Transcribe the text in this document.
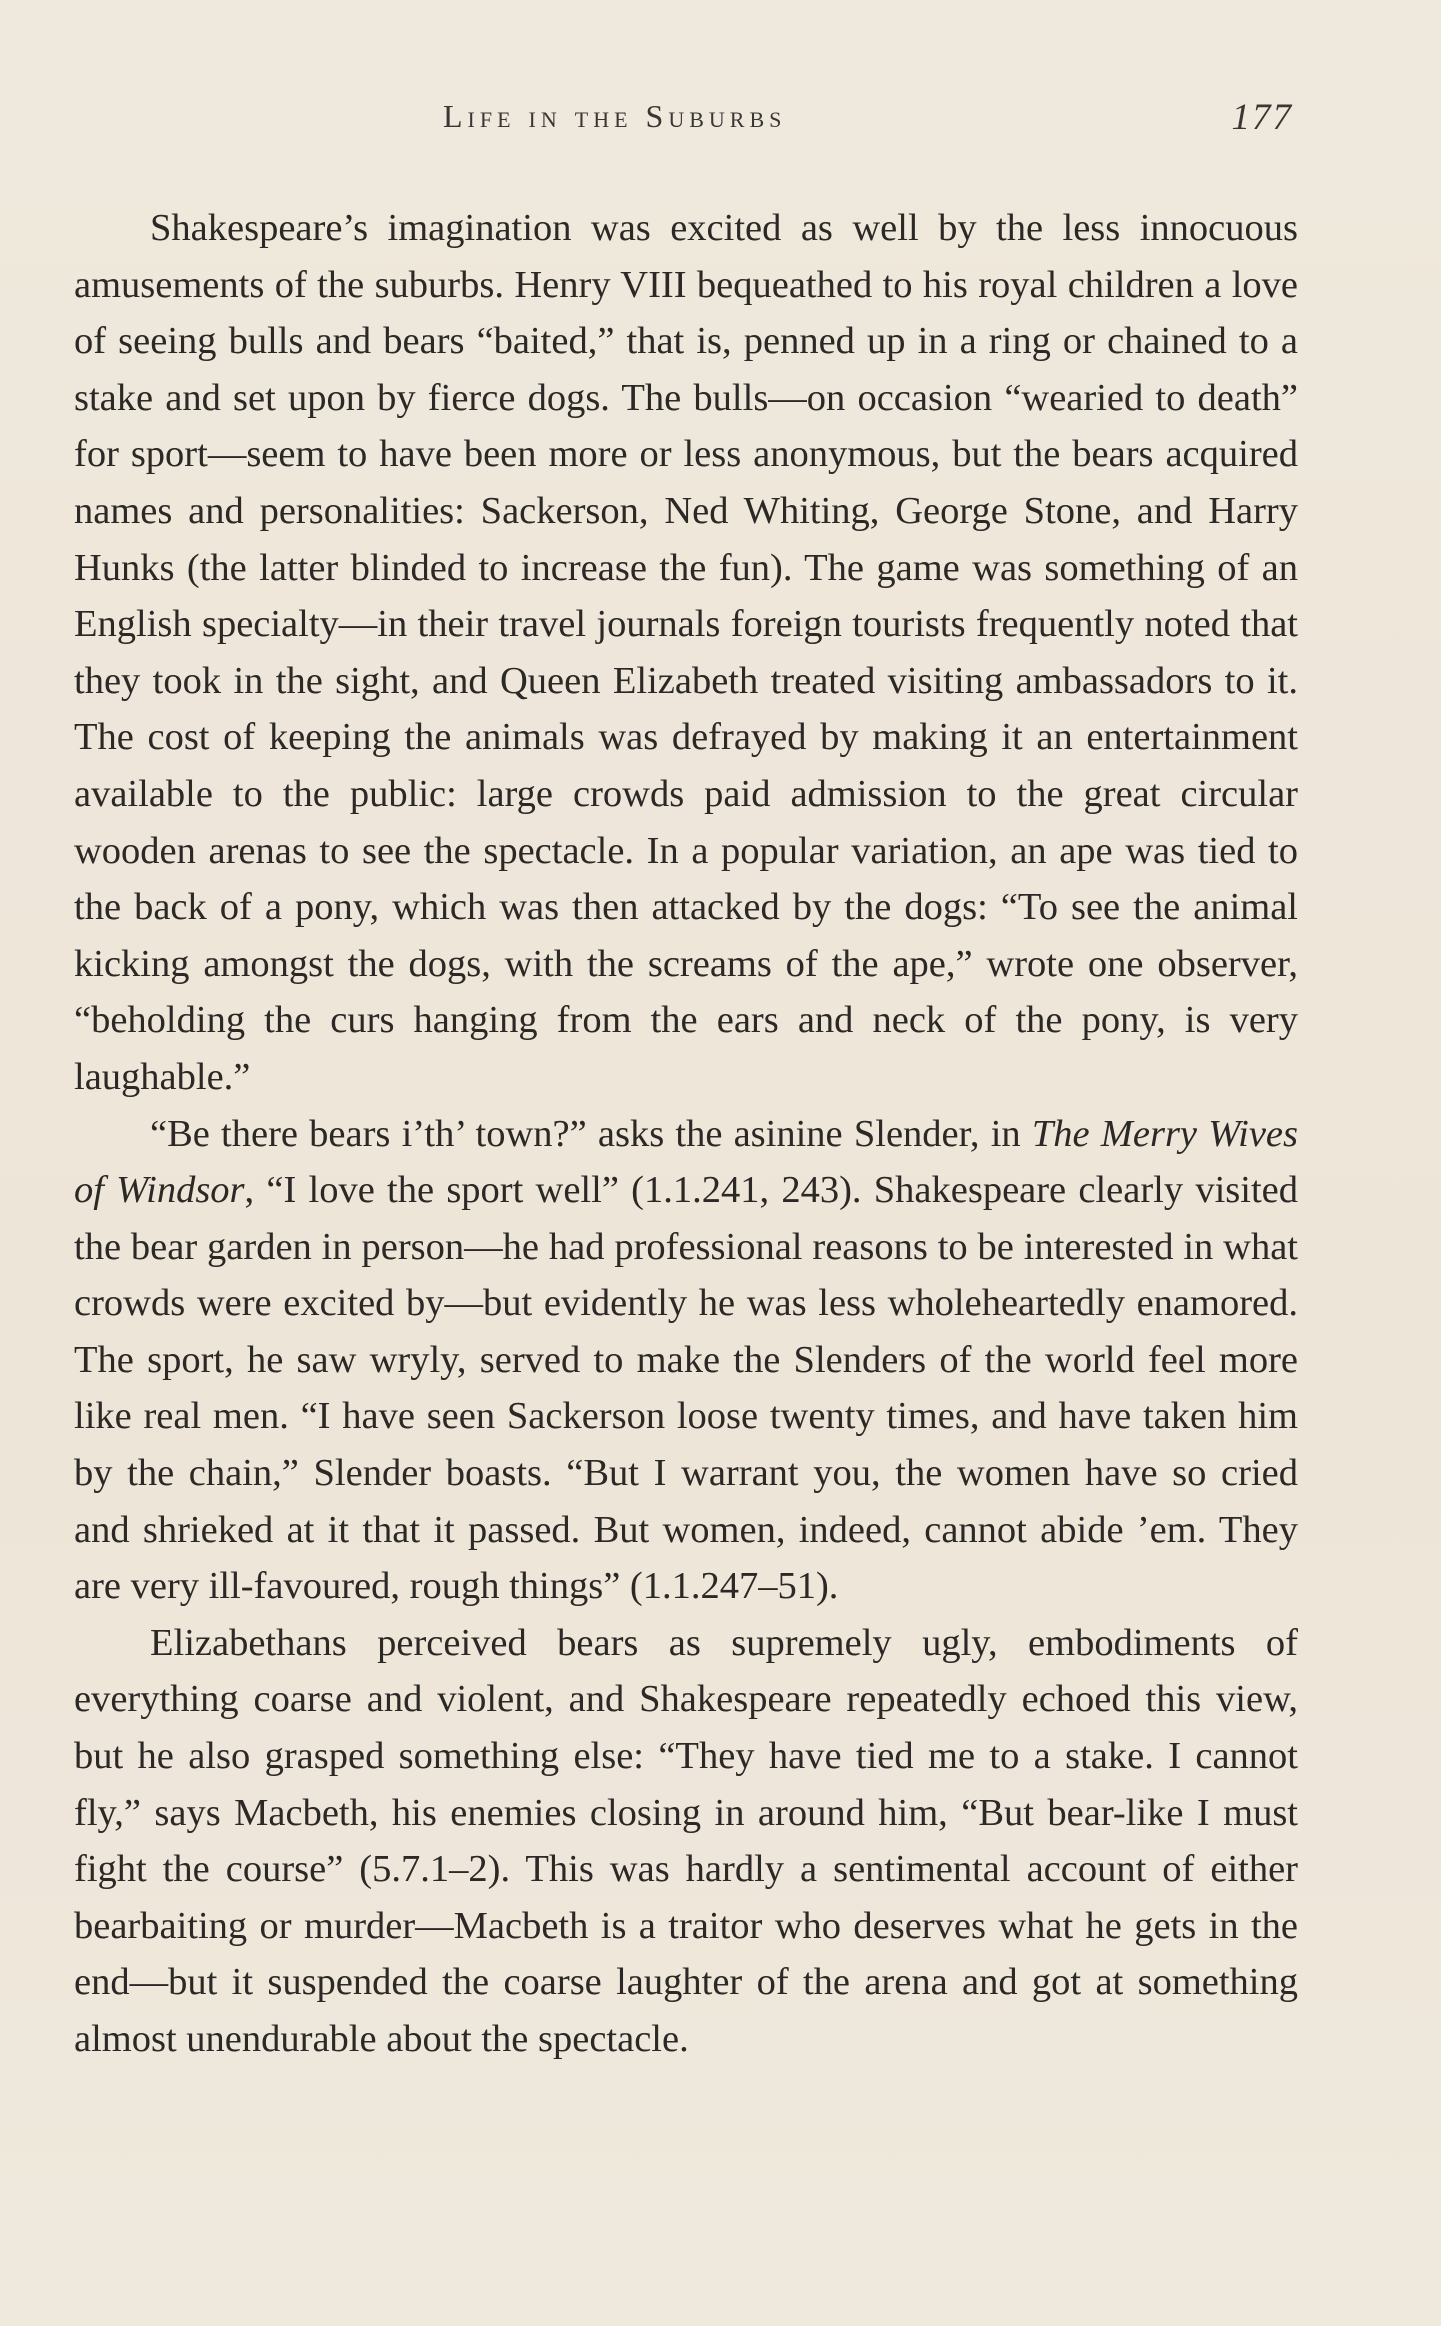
Life in the Suburbs	177

Shakespeare’s imagination was excited as well by the less innocuous amusements of the suburbs. Henry VIII bequeathed to his royal children a love of seeing bulls and bears “baited,” that is, penned up in a ring or chained to a stake and set upon by fierce dogs. The bulls—on occasion “wearied to death” for sport—seem to have been more or less anonymous, but the bears acquired names and personalities: Sackerson, Ned Whiting, George Stone, and Harry Hunks (the latter blinded to increase the fun). The game was something of an English specialty—in their travel journals foreign tourists frequently noted that they took in the sight, and Queen Elizabeth treated visiting ambassadors to it. The cost of keeping the animals was defrayed by making it an entertainment available to the public: large crowds paid admission to the great circular wooden arenas to see the spectacle. In a popular variation, an ape was tied to the back of a pony, which was then attacked by the dogs: “To see the animal kicking amongst the dogs, with the screams of the ape,” wrote one observer, “beholding the curs hanging from the ears and neck of the pony, is very laughable.”

“Be there bears i’th’ town?” asks the asinine Slender, in The Merry Wives of Windsor, “I love the sport well” (1.1.241, 243). Shakespeare clearly visited the bear garden in person—he had professional reasons to be interested in what crowds were excited by—but evidently he was less wholeheartedly enamored. The sport, he saw wryly, served to make the Slenders of the world feel more like real men. “I have seen Sackerson loose twenty times, and have taken him by the chain,” Slender boasts. “But I warrant you, the women have so cried and shrieked at it that it passed. But women, indeed, cannot abide ’em. They are very ill-favoured, rough things” (1.1.247–51).

Elizabethans perceived bears as supremely ugly, embodiments of everything coarse and violent, and Shakespeare repeatedly echoed this view, but he also grasped something else: “They have tied me to a stake. I cannot fly,” says Macbeth, his enemies closing in around him, “But bear-like I must fight the course” (5.7.1–2). This was hardly a sentimental account of either bearbaiting or murder—Macbeth is a traitor who deserves what he gets in the end—but it suspended the coarse laughter of the arena and got at something almost unendurable about the spectacle.
